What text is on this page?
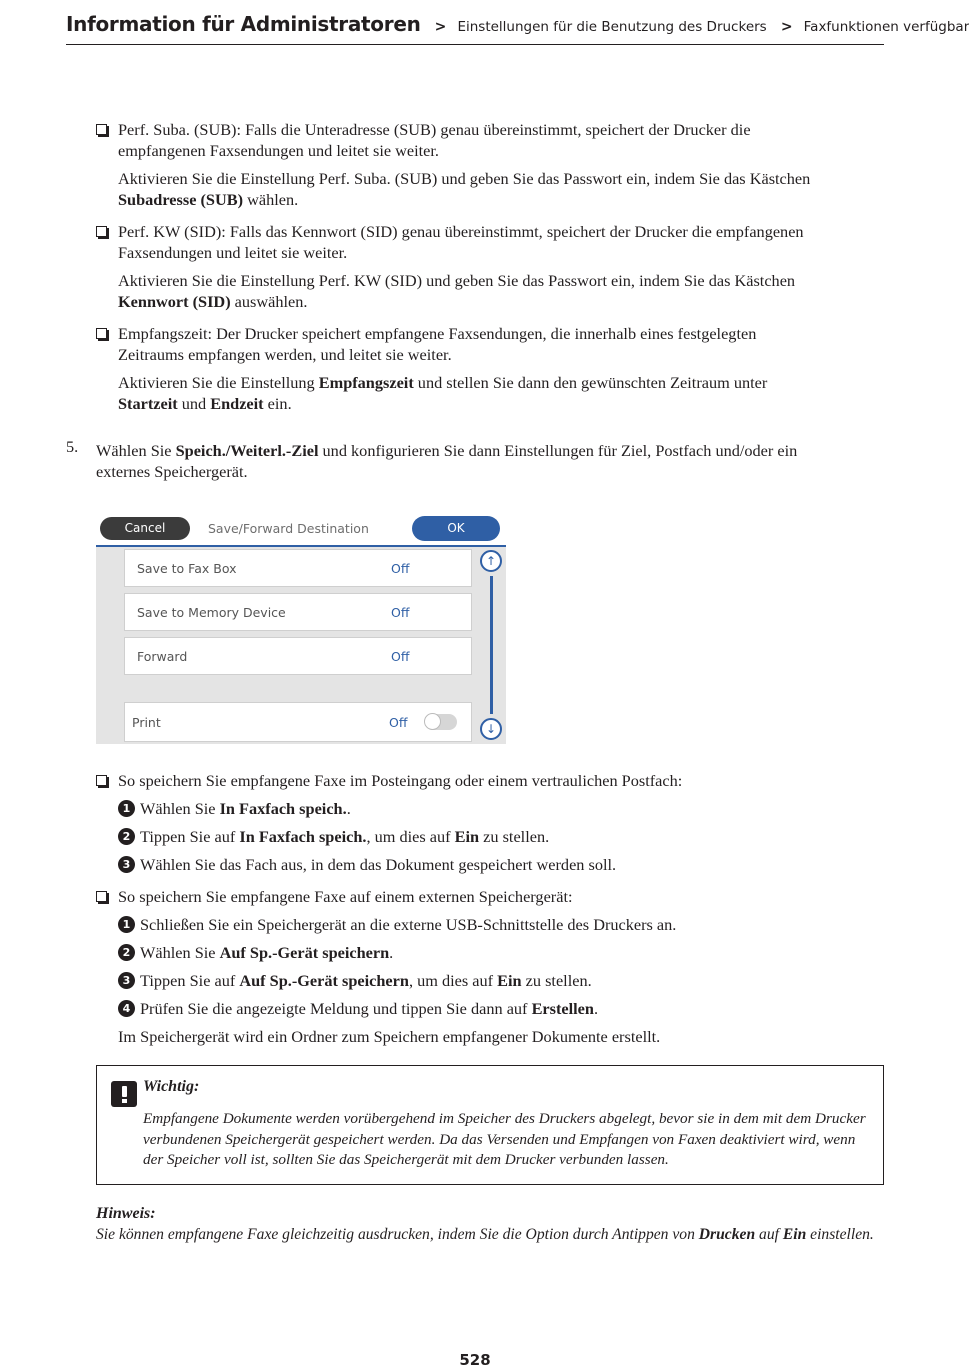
Information für Administratoren > Einstellungen für die Benutzung des Druckers > Faxfunktionen verfügbar
Perf. Suba. (SUB): Falls die Unteradresse (SUB) genau übereinstimmt, speichert der Drucker die
empfangenen Faxsendungen und leitet sie weiter.
Aktivieren Sie die Einstellung Perf. Suba. (SUB) und geben Sie das Passwort ein, indem Sie das Kästchen
Subadresse (SUB) wählen.
Perf. KW (SID): Falls das Kennwort (SID) genau übereinstimmt, speichert der Drucker die empfangenen
Faxsendungen und leitet sie weiter.
Aktivieren Sie die Einstellung Perf. KW (SID) und geben Sie das Passwort ein, indem Sie das Kästchen
Kennwort (SID) auswählen.
Empfangszeit: Der Drucker speichert empfangene Faxsendungen, die innerhalb eines festgelegten
Zeitraums empfangen werden, und leitet sie weiter.
Aktivieren Sie die Einstellung Empfangszeit und stellen Sie dann den gewünschten Zeitraum unter
Startzeit und Endzeit ein.
5. Wählen Sie Speich./Weiterl.-Ziel und konfigurieren Sie dann Einstellungen für Ziel, Postfach und/oder ein
externes Speichergerät.
Cancel	Save/Forward Destination	OK
Save to Fax Box	Off
Save to Memory Device	Off
Forward	Off
Print	Off
↑
↓
So speichern Sie empfangene Faxe im Posteingang oder einem vertraulichen Postfach:
1 Wählen Sie In Faxfach speich..
2 Tippen Sie auf In Faxfach speich., um dies auf Ein zu stellen.
3 Wählen Sie das Fach aus, in dem das Dokument gespeichert werden soll.
So speichern Sie empfangene Faxe auf einem externen Speichergerät:
1 Schließen Sie ein Speichergerät an die externe USB-Schnittstelle des Druckers an.
2 Wählen Sie Auf Sp.-Gerät speichern.
3 Tippen Sie auf Auf Sp.-Gerät speichern, um dies auf Ein zu stellen.
4 Prüfen Sie die angezeigte Meldung und tippen Sie dann auf Erstellen.
Im Speichergerät wird ein Ordner zum Speichern empfangener Dokumente erstellt.
Wichtig:
Empfangene Dokumente werden vorübergehend im Speicher des Druckers abgelegt, bevor sie in dem mit dem Drucker verbundenen Speichergerät gespeichert werden. Da das Versenden und Empfangen von Faxen deaktiviert wird, wenn der Speicher voll ist, sollten Sie das Speichergerät mit dem Drucker verbunden lassen.
Hinweis:
Sie können empfangene Faxe gleichzeitig ausdrucken, indem Sie die Option durch Antippen von Drucken auf Ein einstellen.
528
